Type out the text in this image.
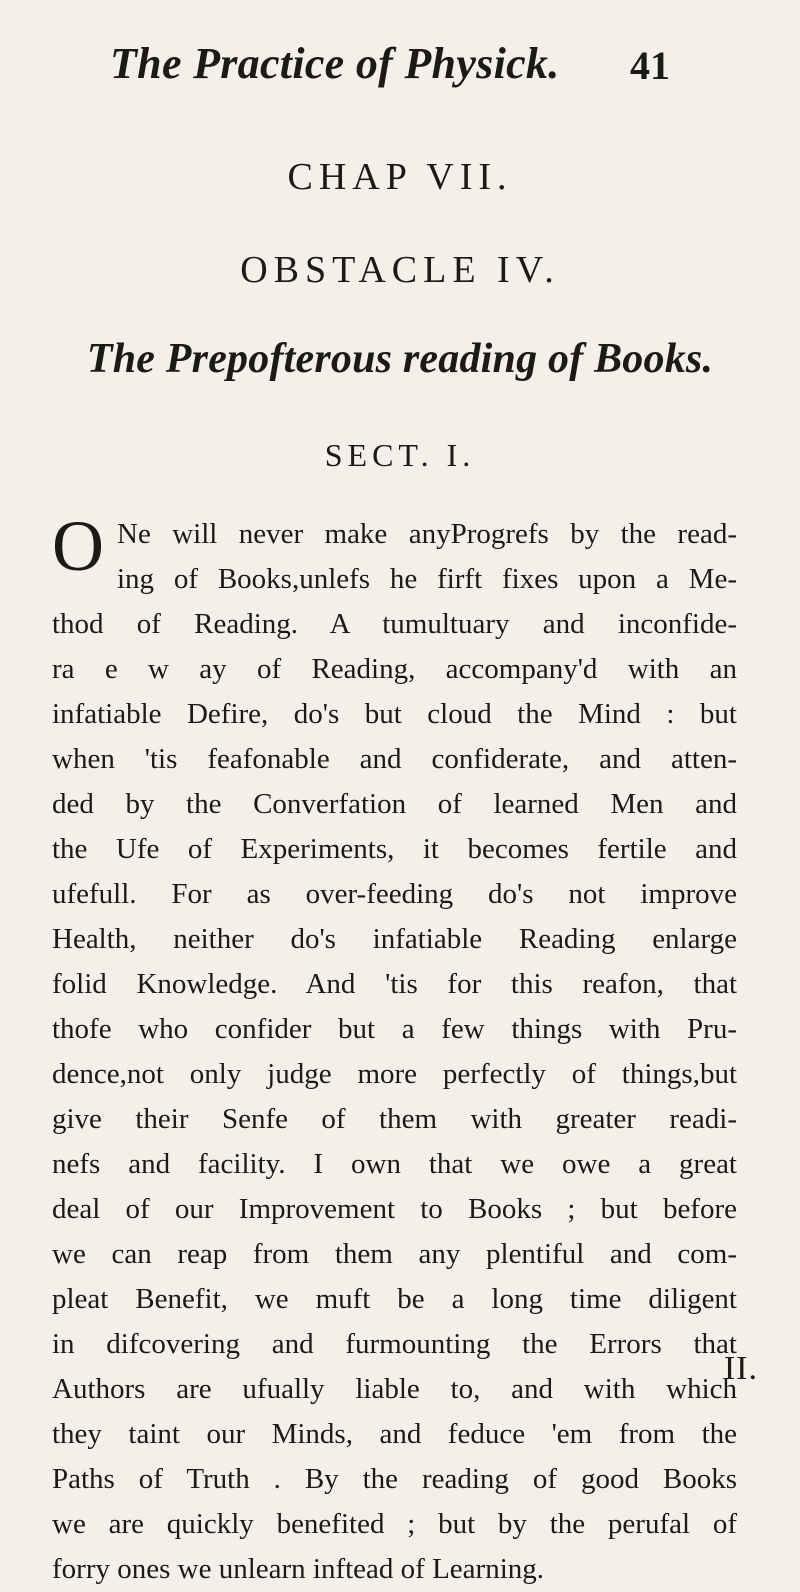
The Practice of Physick. 41
CHAP VII.
OBSTACLE IV.
The Prepofterous reading of Books.
SECT. I.
O Ne will never make anyProgrefs by the read-
ing of Books,unlefs he firft fixes upon a Me-
thod of Reading. A tumultuary and inconfide-
ra e w ay of Reading, accompany'd with an
infatiable Defire, do's but cloud the Mind : but
when 'tis feafonable and confiderate, and atten-
ded by the Converfation of learned Men and
the Ufe of Experiments, it becomes fertile and
ufefull. For as over-feeding do's not improve
Health, neither do's infatiable Reading enlarge
folid Knowledge. And 'tis for this reafon, that
thofe who confider but a few things with Pru-
dence,not only judge more perfectly of things,but
give their Senfe of them with greater readi-
nefs and facility. I own that we owe a great
deal of our Improvement to Books ; but before
we can reap from them any plentiful and com-
pleat Benefit, we muft be a long time diligent
in difcovering and furmounting the Errors that
Authors are ufually liable to, and with which
they taint our Minds, and feduce 'em from the
Paths of Truth . By the reading of good Books
we are quickly benefited ; but by the perufal of
forry ones we unlearn inftead of Learning.
II.
